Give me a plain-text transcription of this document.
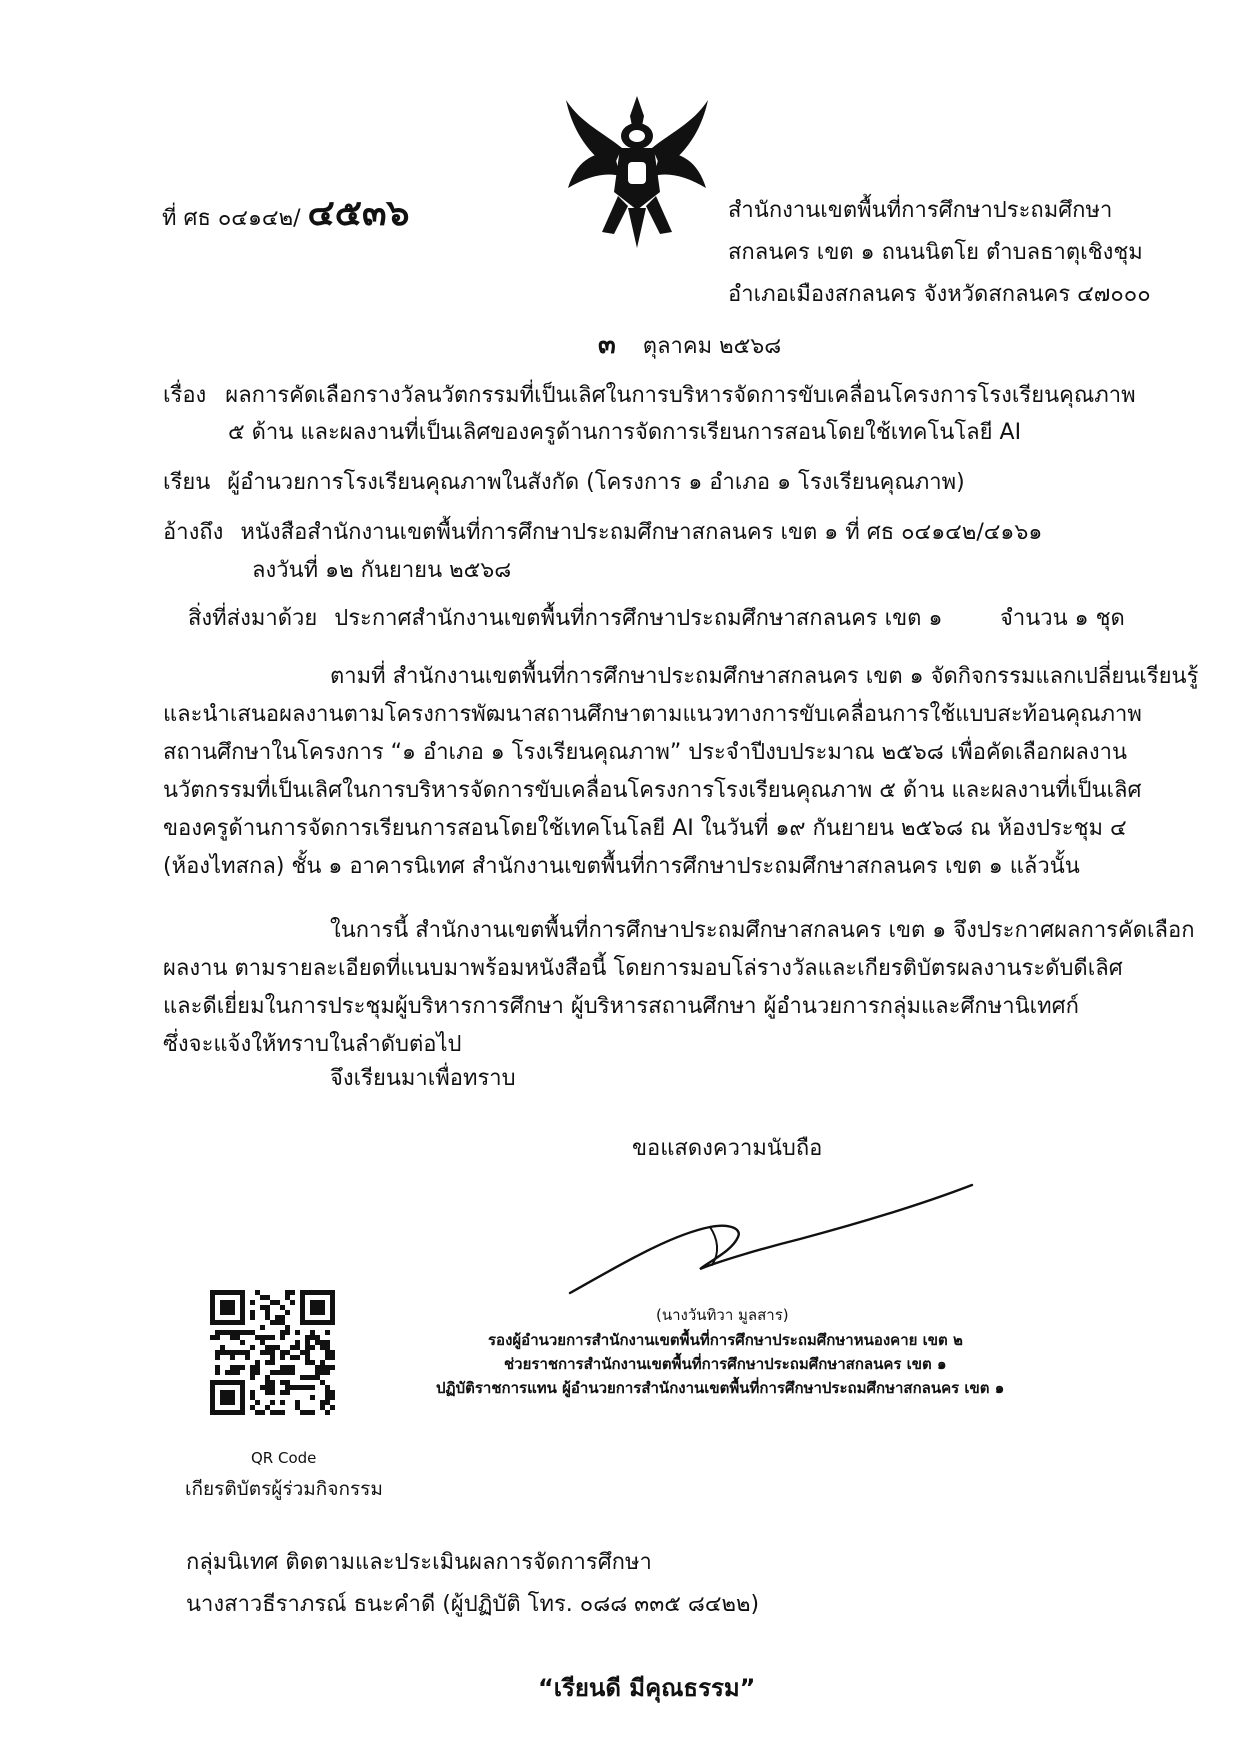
ที่ ศธ ๐๔๑๔๒/ ๔๕๓๖	สำนักงานเขตพื้นที่การศึกษาประถมศึกษา
สกลนคร เขต ๑ ถนนนิตโย ตำบลธาตุเชิงชุม
อำเภอเมืองสกลนคร จังหวัดสกลนคร ๔๗๐๐๐
๓ ตุลาคม ๒๕๖๘
เรื่อง ผลการคัดเลือกรางวัลนวัตกรรมที่เป็นเลิศในการบริหารจัดการขับเคลื่อนโครงการโรงเรียนคุณภาพ
๕ ด้าน และผลงานที่เป็นเลิศของครูด้านการจัดการเรียนการสอนโดยใช้เทคโนโลยี AI
เรียน ผู้อำนวยการโรงเรียนคุณภาพในสังกัด (โครงการ ๑ อำเภอ ๑ โรงเรียนคุณภาพ)
อ้างถึง หนังสือสำนักงานเขตพื้นที่การศึกษาประถมศึกษาสกลนคร เขต ๑ ที่ ศธ ๐๔๑๔๒/๔๑๖๑
ลงวันที่ ๑๒ กันยายน ๒๕๖๘
สิ่งที่ส่งมาด้วย ประกาศสำนักงานเขตพื้นที่การศึกษาประถมศึกษาสกลนคร เขต ๑	จำนวน ๑ ชุด
ตามที่ สำนักงานเขตพื้นที่การศึกษาประถมศึกษาสกลนคร เขต ๑ จัดกิจกรรมแลกเปลี่ยนเรียนรู้
และนำเสนอผลงานตามโครงการพัฒนาสถานศึกษาตามแนวทางการขับเคลื่อนการใช้แบบสะท้อนคุณภาพ
สถานศึกษาในโครงการ “๑ อำเภอ ๑ โรงเรียนคุณภาพ” ประจำปีงบประมาณ ๒๕๖๘ เพื่อคัดเลือกผลงาน
นวัตกรรมที่เป็นเลิศในการบริหารจัดการขับเคลื่อนโครงการโรงเรียนคุณภาพ ๕ ด้าน และผลงานที่เป็นเลิศ
ของครูด้านการจัดการเรียนการสอนโดยใช้เทคโนโลยี AI ในวันที่ ๑๙ กันยายน ๒๕๖๘ ณ ห้องประชุม ๔
(ห้องไทสกล) ชั้น ๑ อาคารนิเทศ สำนักงานเขตพื้นที่การศึกษาประถมศึกษาสกลนคร เขต ๑ แล้วนั้น
ในการนี้ สำนักงานเขตพื้นที่การศึกษาประถมศึกษาสกลนคร เขต ๑ จึงประกาศผลการคัดเลือก
ผลงาน ตามรายละเอียดที่แนบมาพร้อมหนังสือนี้ โดยการมอบโล่รางวัลและเกียรติบัตรผลงานระดับดีเลิศ
และดีเยี่ยมในการประชุมผู้บริหารการศึกษา ผู้บริหารสถานศึกษา ผู้อำนวยการกลุ่มและศึกษานิเทศก์
ซึ่งจะแจ้งให้ทราบในลำดับต่อไป
จึงเรียนมาเพื่อทราบ
ขอแสดงความนับถือ
(นางวันทิวา มูลสาร)
รองผู้อำนวยการสำนักงานเขตพื้นที่การศึกษาประถมศึกษาหนองคาย เขต ๒
ช่วยราชการสำนักงานเขตพื้นที่การศึกษาประถมศึกษาสกลนคร เขต ๑
ปฏิบัติราชการแทน ผู้อำนวยการสำนักงานเขตพื้นที่การศึกษาประถมศึกษาสกลนคร เขต ๑
QR Code
เกียรติบัตรผู้ร่วมกิจกรรม
กลุ่มนิเทศ ติดตามและประเมินผลการจัดการศึกษา
นางสาวธีราภรณ์ ธนะคำดี (ผู้ปฏิบัติ โทร. ๐๘๘ ๓๓๕ ๘๔๒๒)
“เรียนดี มีคุณธรรม”
